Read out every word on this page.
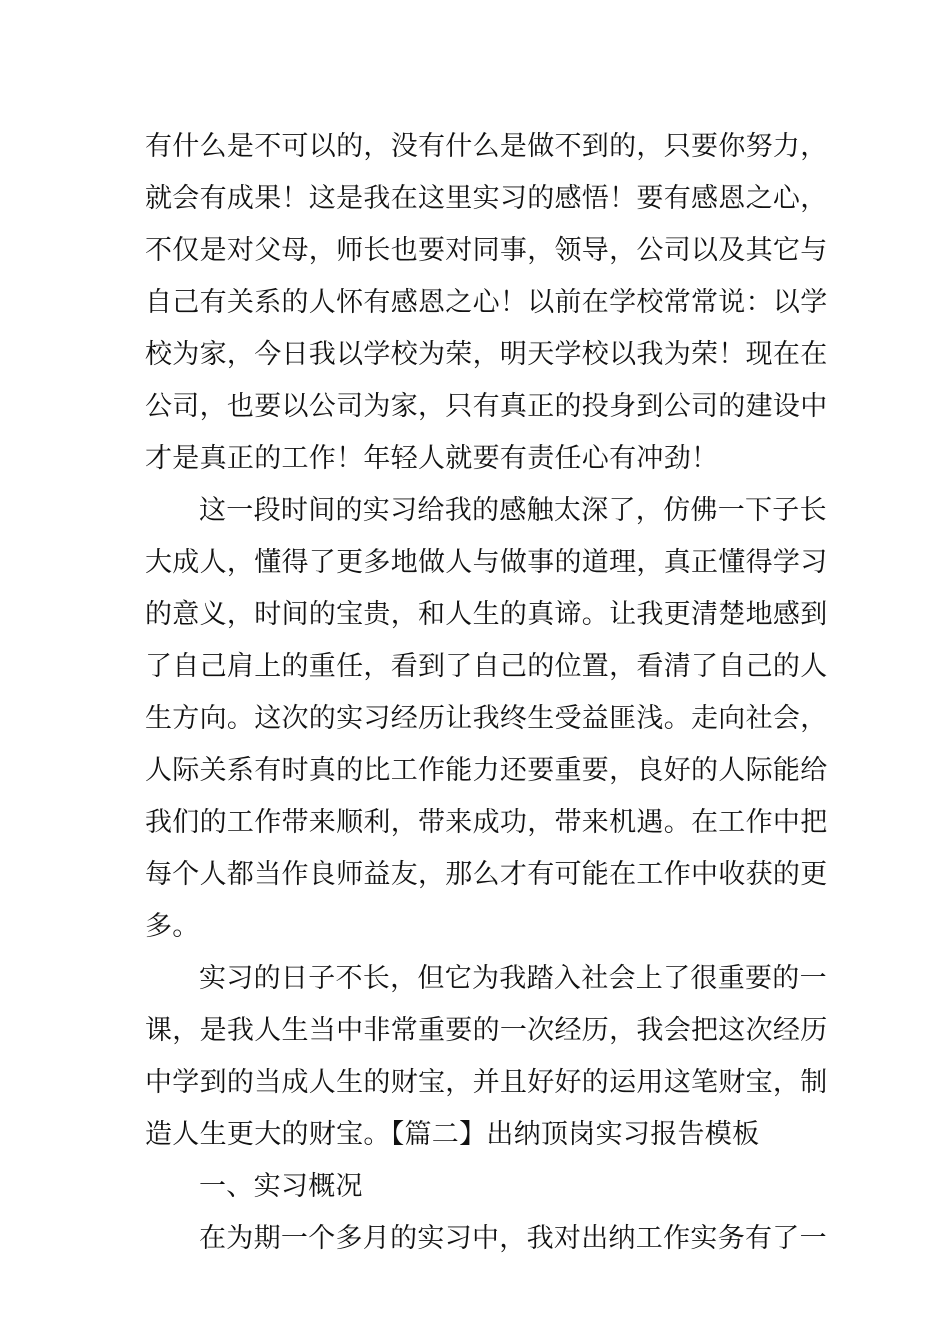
有什么是不可以的，没有什么是做不到的，只要你努力，
就会有成果！这是我在这里实习的感悟！要有感恩之心，
不仅是对父母，师长也要对同事，领导，公司以及其它与
自己有关系的人怀有感恩之心！以前在学校常常说：以学
校为家，今日我以学校为荣，明天学校以我为荣！现在在
公司，也要以公司为家，只有真正的投身到公司的建设中
才是真正的工作！年轻人就要有责任心有冲劲！
这一段时间的实习给我的感触太深了，仿佛一下子长
大成人，懂得了更多地做人与做事的道理，真正懂得学习
的意义，时间的宝贵，和人生的真谛。让我更清楚地感到
了自己肩上的重任，看到了自己的位置，看清了自己的人
生方向。这次的实习经历让我终生受益匪浅。走向社会，
人际关系有时真的比工作能力还要重要，良好的人际能给
我们的工作带来顺利，带来成功，带来机遇。在工作中把
每个人都当作良师益友，那么才有可能在工作中收获的更
多。
实习的日子不长，但它为我踏入社会上了很重要的一
课，是我人生当中非常重要的一次经历，我会把这次经历
中学到的当成人生的财宝，并且好好的运用这笔财宝，制
造人生更大的财宝。【篇二】出纳顶岗实习报告模板
一、实习概况
在为期一个多月的实习中，我对出纳工作实务有了一
